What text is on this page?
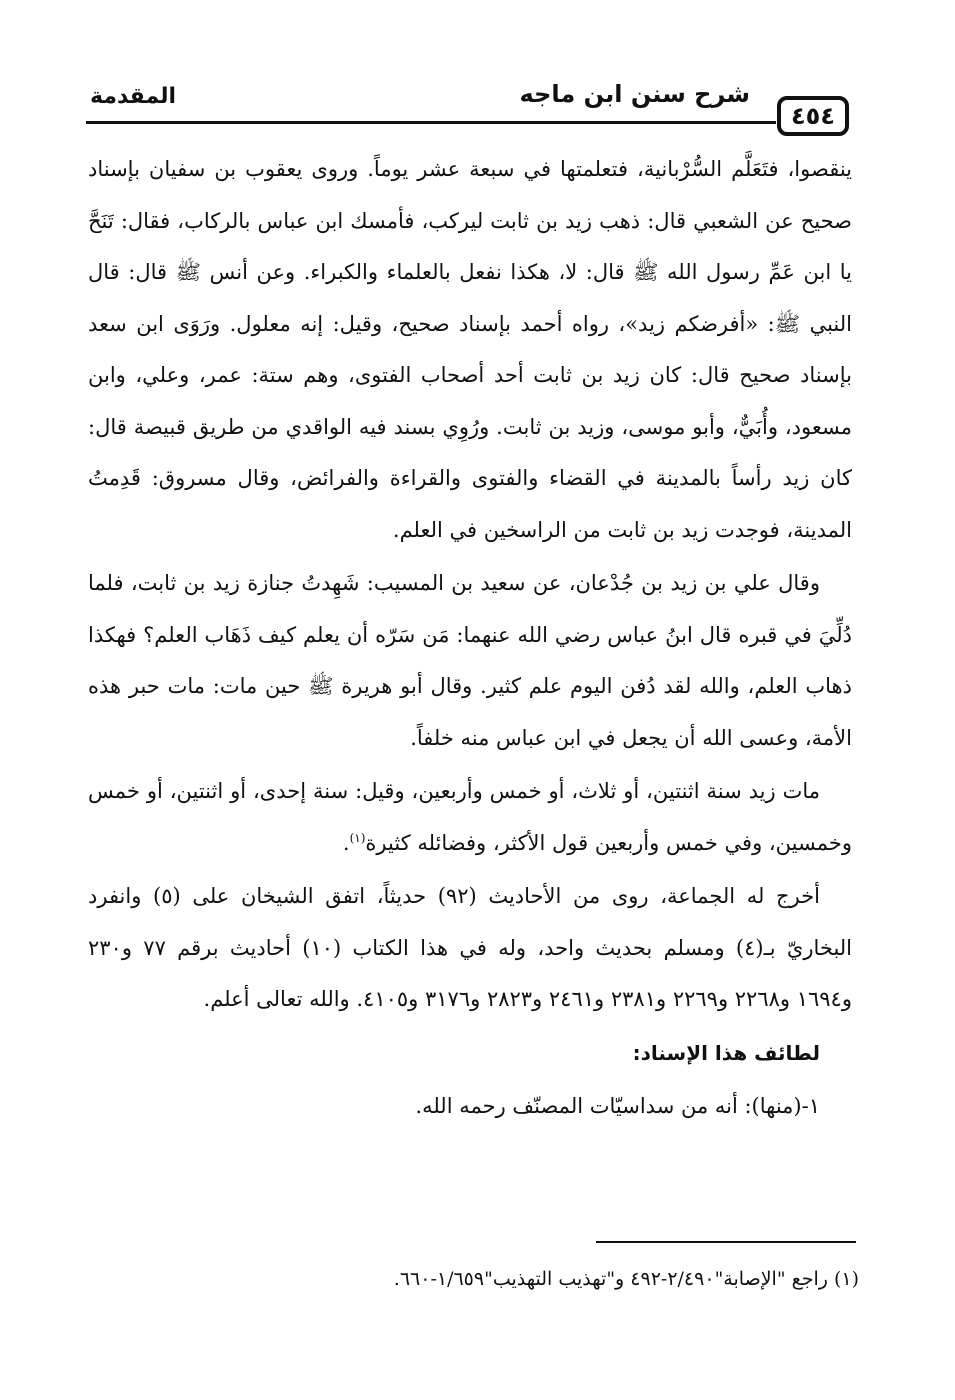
المقدمة	شرح سنن ابن ماجه
٤٥٤

ينقصوا، فتَعَلَّم السُّرْبانية، فتعلمتها في سبعة عشر يوماً. وروى يعقوب بن سفيان بإسناد صحيح عن الشعبي قال: ذهب زيد بن ثابت ليركب، فأمسك ابن عباس بالركاب، فقال: تَنَحَّ يا ابن عَمِّ رسول الله ﷺ قال: لا، هكذا نفعل بالعلماء والكبراء. وعن أنس ﷺ قال: قال النبي ﷺ: «أفرضكم زيد»، رواه أحمد بإسناد صحيح، وقيل: إنه معلول. ورَوَى ابن سعد بإسناد صحيح قال: كان زيد بن ثابت أحد أصحاب الفتوى، وهم ستة: عمر، وعلي، وابن مسعود، وأُبَيٌّ، وأبو موسى، وزيد بن ثابت. ورُوِي بسند فيه الواقدي من طريق قبيصة قال: كان زيد رأساً بالمدينة في القضاء والفتوى والقراءة والفرائض، وقال مسروق: قَدِمتُ المدينة، فوجدت زيد بن ثابت من الراسخين في العلم.

وقال علي بن زيد بن جُدْعان، عن سعيد بن المسيب: شَهِدتُ جنازة زيد بن ثابت، فلما دُلِّيَ في قبره قال ابنُ عباس رضي الله عنهما: مَن سَرّه أن يعلم كيف ذَهَاب العلم؟ فهكذا ذهاب العلم، والله لقد دُفن اليوم علم كثير. وقال أبو هريرة ﷺ حين مات: مات حبر هذه الأمة، وعسى الله أن يجعل في ابن عباس منه خلفاً.

مات زيد سنة اثنتين، أو ثلاث، أو خمس وأربعين، وقيل: سنة إحدى، أو اثنتين، أو خمس وخمسين، وفي خمس وأربعين قول الأكثر، وفضائله كثيرة$^{(١)}$.

أخرج له الجماعة، روى من الأحاديث (٩٢) حديثاً، اتفق الشيخان على (٥) وانفرد البخاريّ بـ(٤) ومسلم بحديث واحد، وله في هذا الكتاب (١٠) أحاديث برقم ٧٧ و٢٣٠ و١٦٩٤ و٢٢٦٨ و٢٢٦٩ و٢٣٨١ و٢٤٦١ و٢٨٢٣ و٣١٧٦ و٤١٠٥. والله تعالى أعلم.

لطائف هذا الإسناد:

١-(منها): أنه من سداسيّات المصنّف رحمه الله.

(١) راجع "الإصابة"٢/٤٩٠-٤٩٢ و"تهذيب التهذيب"١/٦٥٩-٦٦٠.
